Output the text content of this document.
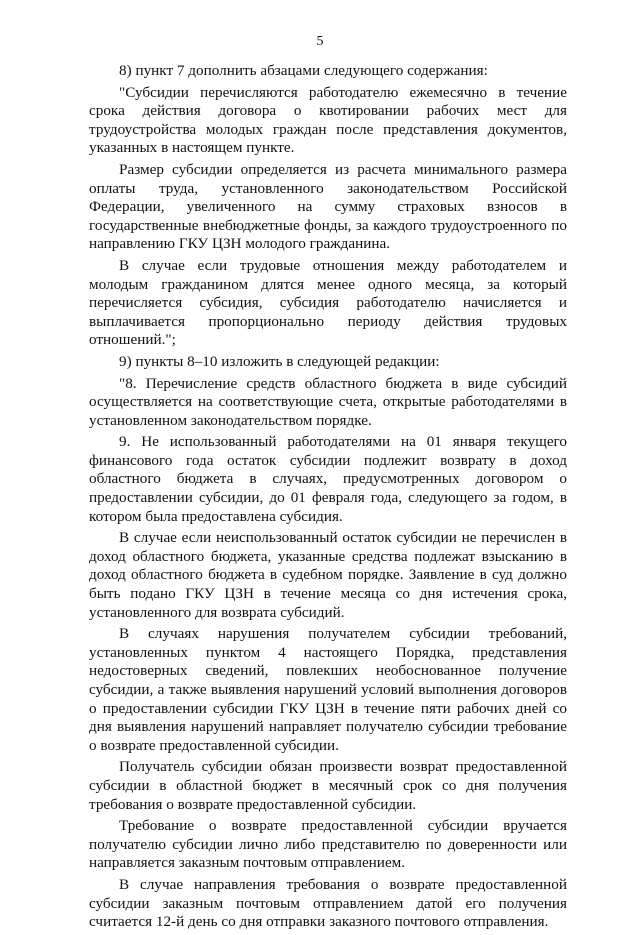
5

8) пункт 7 дополнить абзацами следующего содержания:

"Субсидии перечисляются работодателю ежемесячно в течение срока действия договора о квотировании рабочих мест для трудоустройства молодых граждан после представления документов, указанных в настоящем пункте.

Размер субсидии определяется из расчета минимального размера оплаты труда, установленного законодательством Российской Федерации, увеличенного на сумму страховых взносов в государственные внебюджетные фонды, за каждого трудоустроенного по направлению ГКУ ЦЗН молодого гражданина.

В случае если трудовые отношения между работодателем и молодым гражданином длятся менее одного месяца, за который перечисляется субсидия, субсидия работодателю начисляется и выплачивается пропорционально периоду действия трудовых отношений.";

9) пункты 8–10 изложить в следующей редакции:

"8. Перечисление средств областного бюджета в виде субсидий осуществляется на соответствующие счета, открытые работодателями в установленном законодательством порядке.

9. Не использованный работодателями на 01 января текущего финансового года остаток субсидии подлежит возврату в доход областного бюджета в случаях, предусмотренных договором о предоставлении субсидии, до 01 февраля года, следующего за годом, в котором была предоставлена субсидия.

В случае если неиспользованный остаток субсидии не перечислен в доход областного бюджета, указанные средства подлежат взысканию в доход областного бюджета в судебном порядке. Заявление в суд должно быть подано ГКУ ЦЗН в течение месяца со дня истечения срока, установленного для возврата субсидий.

В случаях нарушения получателем субсидии требований, установленных пунктом 4 настоящего Порядка, представления недостоверных сведений, повлекших необоснованное получение субсидии, а также выявления нарушений условий выполнения договоров о предоставлении субсидии ГКУ ЦЗН в течение пяти рабочих дней со дня выявления нарушений направляет получателю субсидии требование о возврате предоставленной субсидии.

Получатель субсидии обязан произвести возврат предоставленной субсидии в областной бюджет в месячный срок со дня получения требования о возврате предоставленной субсидии.

Требование о возврате предоставленной субсидии вручается получателю субсидии лично либо представителю по доверенности или направляется заказным почтовым отправлением.

В случае направления требования о возврате предоставленной субсидии заказным почтовым отправлением датой его получения считается 12-й день со дня отправки заказного почтового отправления.
